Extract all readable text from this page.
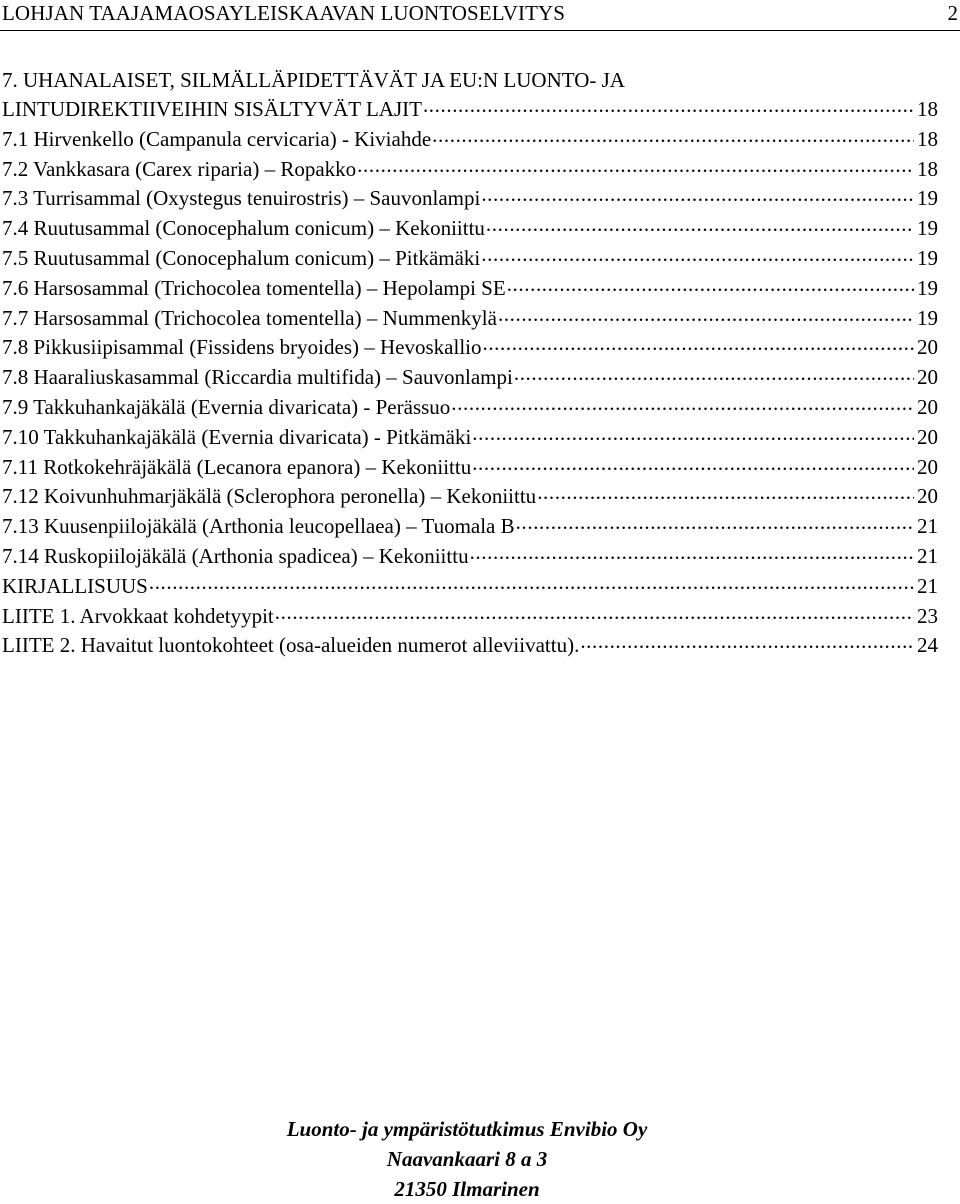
LOHJAN TAAJAMAOSAYLEISKAAVAN LUONTOSELVITYS	2
7. UHANALAISET, SILMÄLLÄPIDETTÄVÄT JA EU:N LUONTO- JA
LINTUDIREKTIIVEIHIN SISÄLTYVÄT LAJIT .....	18
7.1 Hirvenkello (Campanula cervicaria) - Kiviahde .....	18
7.2 Vankkasara (Carex riparia) – Ropakko .....	18
7.3 Turrisammal (Oxystegus tenuirostris) – Sauvonlampi .....	19
7.4 Ruutusammal (Conocephalum conicum) – Kekoniittu .....	19
7.5 Ruutusammal (Conocephalum conicum) – Pitkämäki .....	19
7.6 Harsosammal (Trichocolea tomentella) – Hepolampi SE .....	19
7.7 Harsosammal (Trichocolea tomentella) – Nummenkylä .....	19
7.8 Pikkusiipisammal (Fissidens bryoides) – Hevoskallio .....	20
7.8 Haaraliuskasammal (Riccardia multifida) – Sauvonlampi .....	20
7.9 Takkuhankajäkälä (Evernia divaricata) - Perässuo .....	20
7.10 Takkuhankajäkälä (Evernia divaricata) - Pitkämäki .....	20
7.11 Rotkokehräjäkälä (Lecanora epanora) – Kekoniittu .....	20
7.12 Koivunhuhmarjäkälä (Sclerophora peronella) – Kekoniittu .....	20
7.13 Kuusenpiilojäkälä (Arthonia leucopellaea) – Tuomala B .....	21
7.14 Ruskopiilojäkälä (Arthonia spadicea) – Kekoniittu .....	21
KIRJALLISUUS .....	21
LIITE 1. Arvokkaat kohdetyypit .....	23
LIITE 2. Havaitut luontokohteet (osa-alueiden numerot alleviivattu). .....	24
Luonto- ja ympäristötutkimus Envibio Oy
Naavankaari 8 a 3
21350 Ilmarinen
